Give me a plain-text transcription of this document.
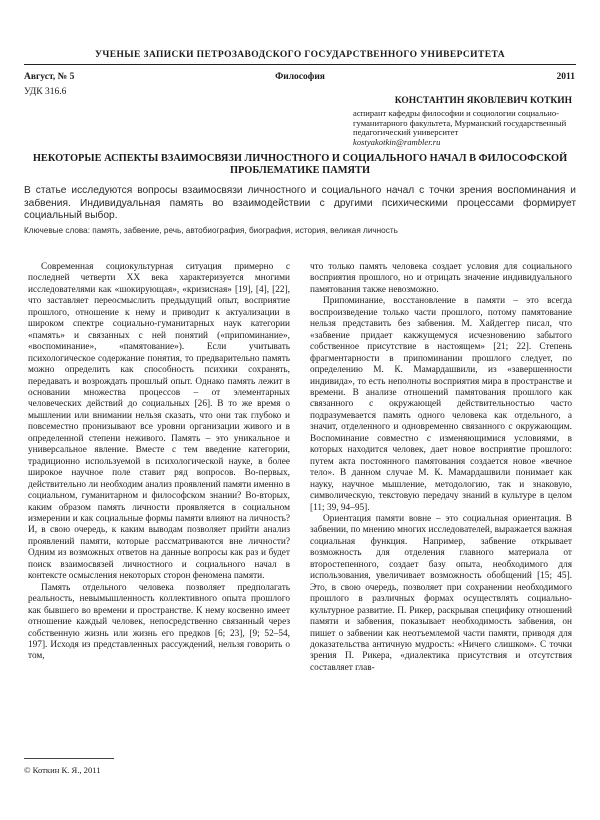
УЧЕНЫЕ ЗАПИСКИ ПЕТРОЗАВОДСКОГО ГОСУДАРСТВЕННОГО УНИВЕРСИТЕТА
Август, № 5	Философия	2011
УДК 316.6
КОНСТАНТИН ЯКОВЛЕВИЧ КОТКИН
аспирант кафедры философии и социологии социально-гуманитарного факультета, Мурманский государственный педагогический университет
kostyakotkin@rambler.ru
НЕКОТОРЫЕ АСПЕКТЫ ВЗАИМОСВЯЗИ ЛИЧНОСТНОГО И СОЦИАЛЬНОГО НАЧАЛ В ФИЛОСОФСКОЙ ПРОБЛЕМАТИКЕ ПАМЯТИ
В статье исследуются вопросы взаимосвязи личностного и социального начал с точки зрения воспоминания и забвения. Индивидуальная память во взаимодействии с другими психическими процессами формирует социальный выбор.
Ключевые слова: память, забвение, речь, автобиография, биография, история, великая личность

Современная социокультурная ситуация примерно с последней четверти XX века характеризуется многими исследователями как «шокирующая», «кризисная» [19], [4], [22], что заставляет переосмыслить предыдущий опыт, восприятие прошлого, отношение к нему и приводит к актуализации в широком спектре социально-гуманитарных наук категории «память» и связанных с ней понятий («припоминание», «воспоминание», «памятование»). Если учитывать психологическое содержание понятия, то предварительно память можно определить как способность психики сохранять, передавать и возрождать прошлый опыт. Однако память лежит в основании множества процессов – от элементарных человеческих действий до социальных [26]. В то же время о мышлении или внимании нельзя сказать, что они так глубоко и повсеместно пронизывают все уровни организации живого и в определенной степени неживого. Память – это уникальное и универсальное явление. Вместе с тем введение категории, традиционно используемой в психологической науке, в более широкое научное поле ставит ряд вопросов. Во-первых, действительно ли необходим анализ проявлений памяти именно в социальном, гуманитарном и философском знании? Во-вторых, каким образом память личности проявляется в социальном измерении и как социальные формы памяти влияют на личность? И, в свою очередь, к каким выводам позволяет прийти анализ проявлений памяти, которые рассматриваются вне личности? Одним из возможных ответов на данные вопросы как раз и будет поиск взаимосвязей личностного и социального начал в контексте осмысления некоторых сторон феномена памяти.

Память отдельного человека позволяет предполагать реальность, невымышленность коллективного опыта прошлого как бывшего во времени и пространстве. К нему косвенно имеет отношение каждый человек, непосредственно связанный через собственную жизнь или жизнь его предков [6; 23], [9; 52–54, 197]. Исходя из представленных рассуждений, нельзя говорить о том,

что только память человека создает условия для социального восприятия прошлого, но и отрицать значение индивидуального памятования также невозможно.

Припоминание, восстановление в памяти – это всегда воспроизведение только части прошлого, потому памятование нельзя представить без забвения. М. Хайдеггер писал, что «забвение придает какжущемуся исчезновению забытого собственное присутствие в настоящем» [21; 22]. Степень фрагментарности в припоминании прошлого следует, по определению М. К. Мамардашвили, из «завершенности индивида», то есть неполноты восприятия мира в пространстве и времени. В анализе отношений памятования прошлого как связанного с окружающей действительностью часто подразумевается память одного человека как отдельного, а значит, отделенного и одновременно связанного с окружающим. Воспоминание совместно с изменяющимися условиями, в которых находится человек, дает новое восприятие прошлого: путем акта постоянного памятования создается новое «вечное тело». В данном случае М. К. Мамардашвили понимает как науку, научное мышление, методологию, так и знаковую, символическую, текстовую передачу знаний в культуре в целом [11; 39, 94–95].

Ориентация памяти вовне – это социальная ориентация. В забвении, по мнению многих исследователей, выражается важная социальная функция. Например, забвение открывает возможность для отделения главного материала от второстепенного, создает базу опыта, необходимого для использования, увеличивает возможность обобщений [15; 45]. Это, в свою очередь, позволяет при сохранении необходимого прошлого в различных формах осуществлять социально-культурное развитие. П. Рикер, раскрывая специфику отношений памяти и забвения, показывает необходимость забвения, он пишет о забвении как неотъемлемой части памяти, приводя для доказательства античную мудрость: «Ничего слишком». С точки зрения П. Рикера, «диалектика присутствия и отсутствия составляет глав-

© Коткин К. Я., 2011
